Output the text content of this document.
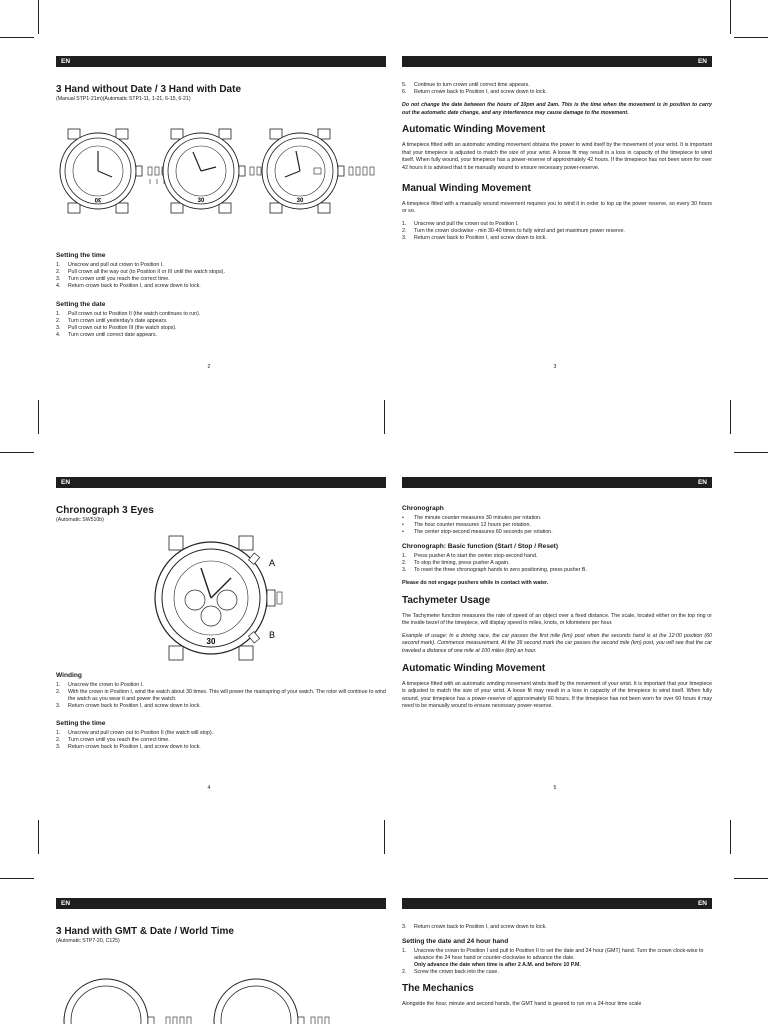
EN
3 Hand without Date / 3 Hand with Date
(Manual STP1-21m)(Automatic STP1-11, 1-21, 6-15, 6-21)
30	30	30
Setting the time
1.	Unscrew and pull out crown to Position I.
2.	Pull crown all the way out (to Position II or III until the watch stops).
3.	Turn crown until you reach the correct time.
4.	Return crown back to Position I, and screw down to lock.
Setting the date
1.	Pull crown out to Position II (the watch continues to run).
2.	Turn crown until yesterday's date appears.
3.	Pull crown out to Position III (the watch stops).
4.	Turn crown until correct date appears.
2
EN
5.	Continue to turn crown until correct time appears.
6.	Return crown back to Position I, and screw down to lock.

Do not change the date between the hours of 10pm and 2am. This is the time when the movement is in position to carry out the automatic date change, and any interference may cause damage to the movement.

Automatic Winding Movement

A timepiece fitted with an automatic winding movement obtains the power to wind itself by the movement of your wrist. It is important that your timepiece is adjusted to match the size of your wrist. A loose fit may result in a loss in capacity of the timepiece to wind itself. When fully wound, your timepiece has a power-reserve of approximately 42 hours. If the timepiece has not been worn for over 42 hours it is advised that it be manually wound to ensure necessary power-reserve.

Manual Winding Movement

A timepiece fitted with a manually wound movement requires you to wind it in order to top up the power reserve, so every 30 hours or so.

1.	Unscrew and pull the crown out to Position I.
2.	Turn the crown clockwise - min 30-40 times to fully wind and get maximum power reserve.
3.	Return crown back to Position I, and screw down to lock.
3
EN
Chronograph 3 Eyes
(Automatic SW510b)
30
A
B
Winding
1.	Unscrew the crown to Position I.
2.	With the crown in Position I, wind the watch about 30 times. This will power the mainspring of your watch. The rotor will continue to wind the watch as you wear it and power the watch.
3.	Return crown back to Position I, and screw down to lock.
Setting the time
1.	Unscrew and pull crown out to Position II (the watch will stop).
2.	Turn crown until you reach the correct time.
3.	Return crown back to Position I, and screw down to lock.
4
EN
Chronograph
•	The minute counter measures 30 minutes per rotation.
•	The hour counter measures 12 hours per rotation.
•	The center stop-second measures 60 seconds per rotation.
Chronograph: Basic function (Start / Stop / Reset)
1.	Press pusher A to start the center stop-second hand.
2.	To stop the timing, press pusher A again.
3.	To reset the three chronograph hands to zero positioning, press pusher B.

Please do not engage pushers while in contact with water.

Tachymeter Usage

The Tachymeter function measures the rate of speed of an object over a fixed distance. The scale, located either on the top ring or the inside bezel of the timepiece, will display speed in miles, knots, or kilometers per hour.

Example of usage: In a driving race, the car passes the first mile (km) post when the seconds hand is at the 12:00 position (60 second mark). Commence measurement. At the 36 second mark the car passes the second mile (km) post, you will see that the car traveled a distance of one mile at 100 miles (km) an hour.

Automatic Winding Movement

A timepiece fitted with an automatic winding movement winds itself by the movement of your wrist. It is important that your timepiece is adjusted to match the size of your wrist. A loose fit may result in a loss in capacity of the timepiece to wind itself. When fully wound, your timepiece has a power-reserve of approximately 60 hours. If the timepiece has not been worn for over 60 hours it may need to be manually wound to ensure necessary power-reserve.

5
EN
3 Hand with GMT & Date / World Time
(Automatic STP7-20, C125)
EN
3.	Return crown back to Position I, and screw down to lock.
Setting the date and 24 hour hand
1.	Unscrew the crown to Position I and pull to Position II to set the date and 24 hour (GMT) hand. Turn the crown clock-wise to advance the 24 hour hand or counter-clockwise to advance the date.
Only advance the date when time is after 2 A.M. and before 10 P.M.
2.	Screw the crown back into the case.
The Mechanics

Alongside the hour, minute and second hands, the GMT hand is geared to run on a 24-hour time scale
